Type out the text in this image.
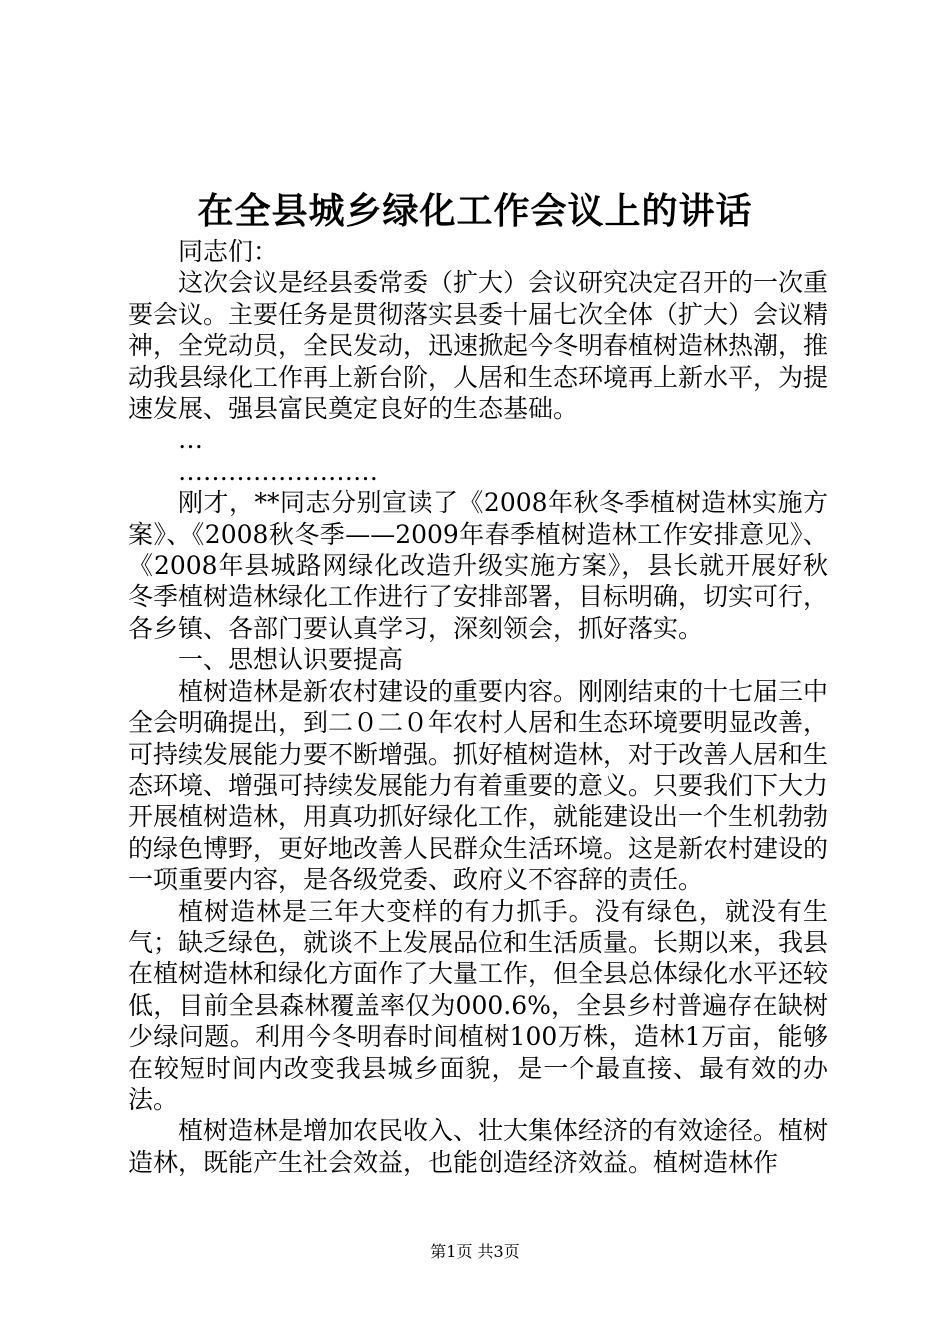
在全县城乡绿化工作会议上的讲话

同志们：

这次会议是经县委常委（扩大）会议研究决定召开的一次重要会议。主要任务是贯彻落实县委十届七次全体（扩大）会议精神，全党动员，全民发动，迅速掀起今冬明春植树造林热潮，推动我县绿化工作再上新台阶，人居和生态环境再上新水平，为提速发展、强县富民奠定良好的生态基础。

…

……………………

刚才，**同志分别宣读了《2008年秋冬季植树造林实施方案》、《2008秋冬季——2009年春季植树造林工作安排意见》、《2008年县城路网绿化改造升级实施方案》，县长就开展好秋冬季植树造林绿化工作进行了安排部署，目标明确，切实可行，各乡镇、各部门要认真学习，深刻领会，抓好落实。

一、思想认识要提高

植树造林是新农村建设的重要内容。刚刚结束的十七届三中全会明确提出，到二０二０年农村人居和生态环境要明显改善，可持续发展能力要不断增强。抓好植树造林，对于改善人居和生态环境、增强可持续发展能力有着重要的意义。只要我们下大力开展植树造林，用真功抓好绿化工作，就能建设出一个生机勃勃的绿色博野，更好地改善人民群众生活环境。这是新农村建设的一项重要内容，是各级党委、政府义不容辞的责任。

植树造林是三年大变样的有力抓手。没有绿色，就没有生气；缺乏绿色，就谈不上发展品位和生活质量。长期以来，我县在植树造林和绿化方面作了大量工作，但全县总体绿化水平还较低，目前全县森林覆盖率仅为000.6%，全县乡村普遍存在缺树少绿问题。利用今冬明春时间植树100万株，造林1万亩，能够在较短时间内改变我县城乡面貌，是一个最直接、最有效的办法。

植树造林是增加农民收入、壮大集体经济的有效途径。植树造林，既能产生社会效益，也能创造经济效益。植树造林作

第1页 共3页
